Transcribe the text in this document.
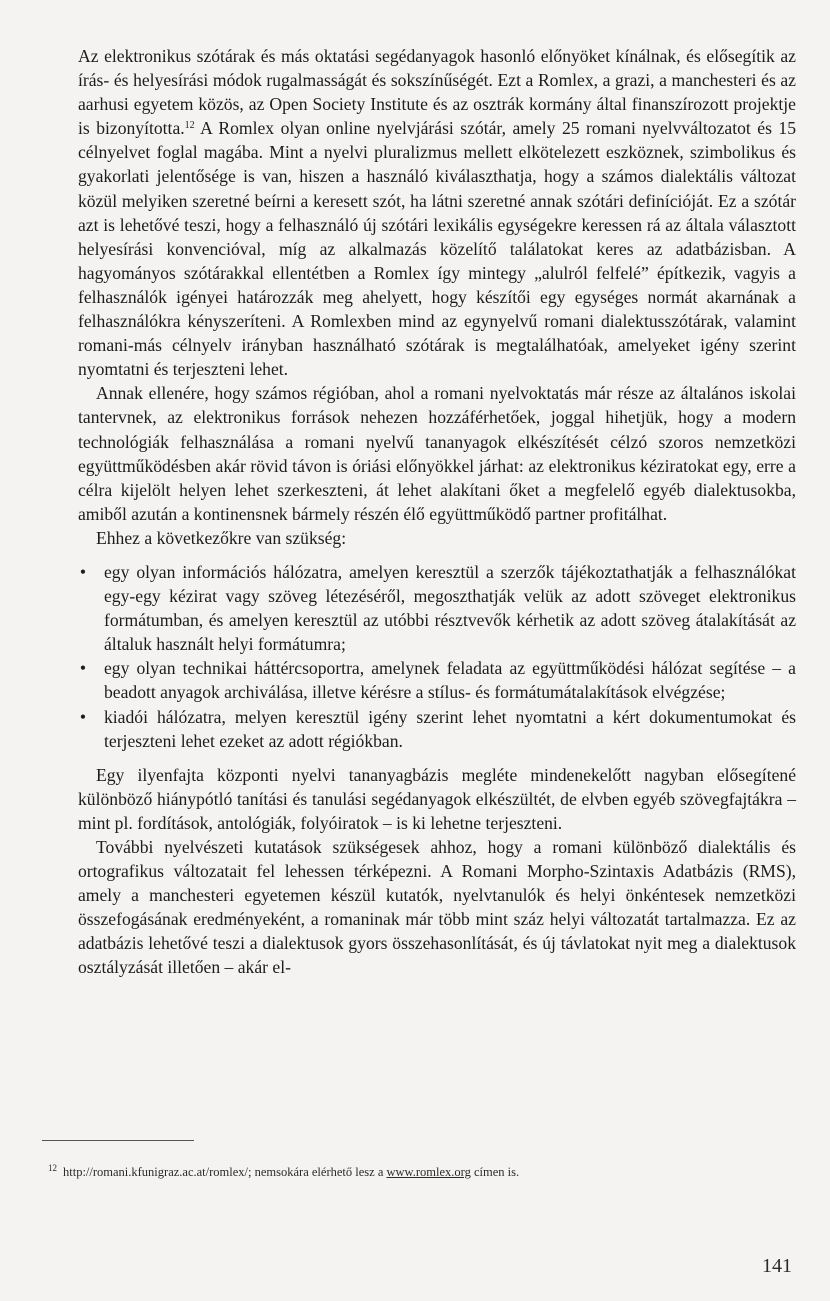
Az elektronikus szótárak és más oktatási segédanyagok hasonló előnyöket kínálnak, és elősegítik az írás- és helyesírási módok rugalmasságát és sokszínűségét. Ezt a Romlex, a grazi, a manchesteri és az aarhusi egyetem közös, az Open Society Institute és az osztrák kormány által finanszírozott projektje is bizonyította.$^{12}$ A Romlex olyan online nyelvjárási szótár, amely 25 romani nyelvváltozatot és 15 célnyelvet foglal magába. Mint a nyelvi pluralizmus mellett elkötelezett eszköznek, szimbolikus és gyakorlati jelentősége is van, hiszen a használó kiválaszthatja, hogy a számos dialektális változat közül melyiken szeretné beírni a keresett szót, ha látni szeretné annak szótári definícióját. Ez a szótár azt is lehetővé teszi, hogy a felhasználó új szótári lexikális egységekre keressen rá az általa választott helyesírási konvencióval, míg az alkalmazás közelítő találatokat keres az adatbázisban. A hagyományos szótárakkal ellentétben a Romlex így mintegy „alulról felfelé” építkezik, vagyis a felhasználók igényei határozzák meg ahelyett, hogy készítői egy egységes normát akarnának a felhasználókra kényszeríteni. A Romlexben mind az egynyelvű romani dialektusszótárak, valamint romani-más célnyelv irányban használható szótárak is megtalálhatóak, amelyeket igény szerint nyomtatni és terjeszteni lehet.

Annak ellenére, hogy számos régióban, ahol a romani nyelvoktatás már része az általános iskolai tantervnek, az elektronikus források nehezen hozzáférhetőek, joggal hihetjük, hogy a modern technológiák felhasználása a romani nyelvű tananyagok elkészítését célzó szoros nemzetközi együttműködésben akár rövid távon is óriási előnyökkel járhat: az elektronikus kéziratokat egy, erre a célra kijelölt helyen lehet szerkeszteni, át lehet alakítani őket a megfelelő egyéb dialektusokba, amiből azután a kontinensnek bármely részén élő együttműködő partner profitálhat.

Ehhez a következőkre van szükség:

• egy olyan információs hálózatra, amelyen keresztül a szerzők tájékoztathatják a felhasználókat egy-egy kézirat vagy szöveg létezéséről, megoszthatják velük az adott szöveget elektronikus formátumban, és amelyen keresztül az utóbbi résztvevők kérhetik az adott szöveg átalakítását az általuk használt helyi formátumra;
• egy olyan technikai háttércsoportra, amelynek feladata az együttműködési hálózat segítése – a beadott anyagok archiválása, illetve kérésre a stílus- és formátumátalakítások elvégzése;
• kiadói hálózatra, melyen keresztül igény szerint lehet nyomtatni a kért dokumentumokat és terjeszteni lehet ezeket az adott régiókban.

Egy ilyenfajta központi nyelvi tananyagbázis megléte mindenekelőtt nagyban elősegítené különböző hiánypótló tanítási és tanulási segédanyagok elkészültét, de elvben egyéb szövegfajtákra – mint pl. fordítások, antológiák, folyóiratok – is ki lehetne terjeszteni.

További nyelvészeti kutatások szükségesek ahhoz, hogy a romani különböző dialektális és ortografikus változatait fel lehessen térképezni. A Romani Morpho-Szintaxis Adatbázis (RMS), amely a manchesteri egyetemen készül kutatók, nyelvtanulók és helyi önkéntesek nemzetközi összefogásának eredményeként, a romaninak már több mint száz helyi változatát tartalmazza. Ez az adatbázis lehetővé teszi a dialektusok gyors összehasonlítását, és új távlatokat nyit meg a dialektusok osztályzását illetően – akár el-

$^{12}$ http://romani.kfunigraz.ac.at/romlex/; nemsokára elérhető lesz a www.romlex.org címen is.
141
